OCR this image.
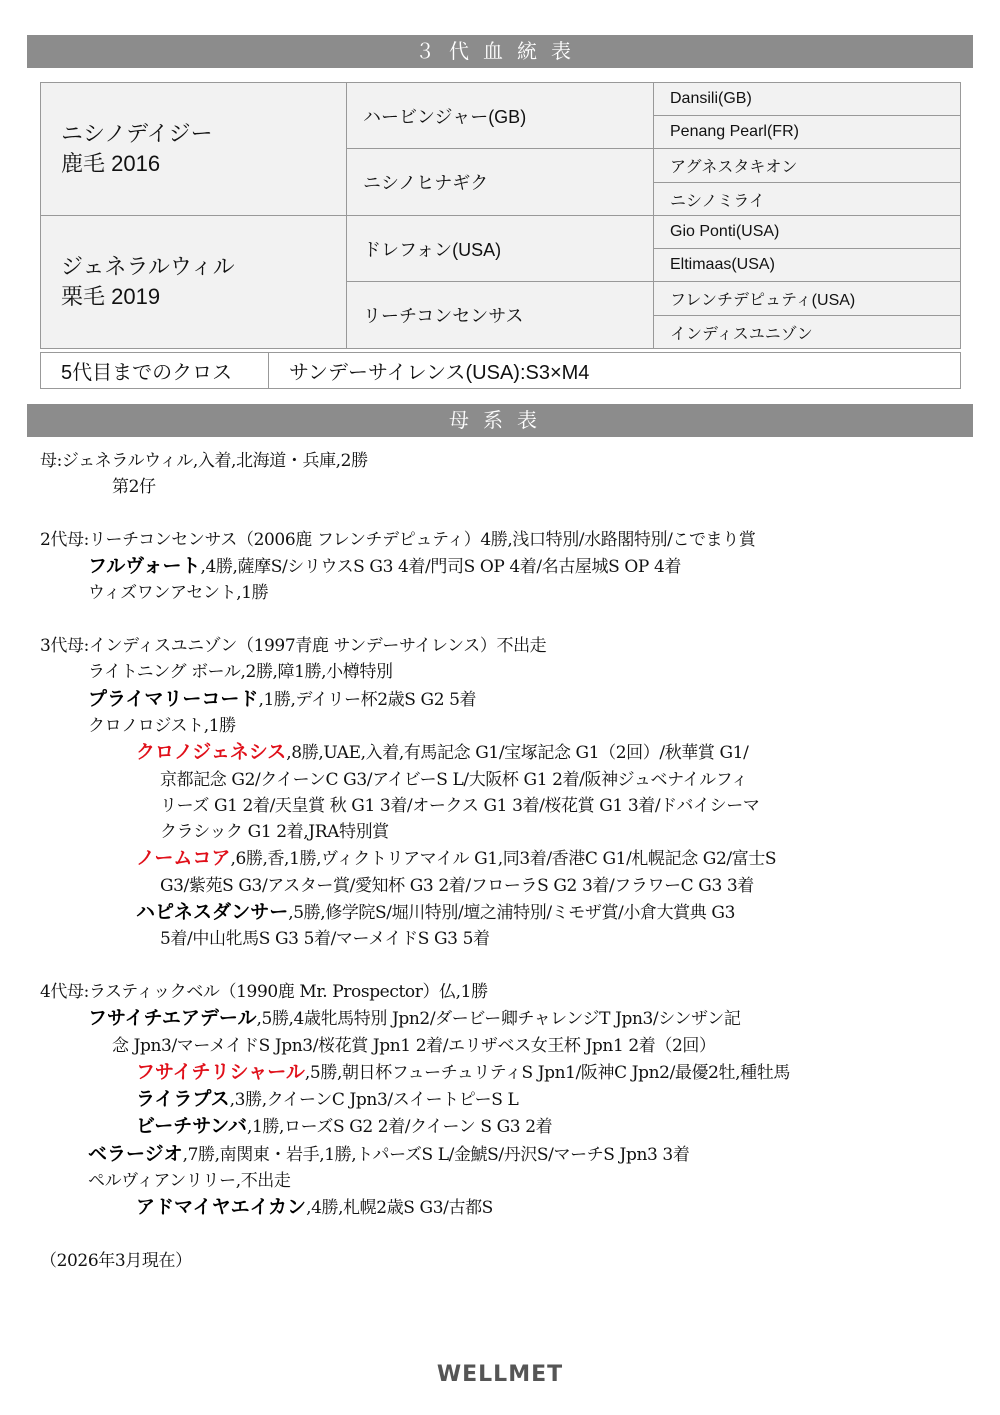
３代血統表
ニシノデイジー
鹿毛 2016	ハービンジャー(GB)	Dansili(GB)
		Penang Pearl(FR)
	ニシノヒナギク	アグネスタキオン
		ニシノミライ

ジェネラルウィル
栗毛 2019	ドレフォン(USA)	Gio Ponti(USA)
		Eltimaas(USA)
	リーチコンセンサス	フレンチデピュティ(USA)
		インディスユニゾン
5代目までのクロス	サンデーサイレンス(USA):S3×M4
母系表
母:ジェネラルウィル,入着,北海道・兵庫,2勝
第2仔
2代母:リーチコンセンサス（2006鹿 フレンチデピュティ）4勝,浅口特別/水路閣特別/こでまり賞
フルヴォート,4勝,薩摩S/シリウスS G3 4着/門司S OP 4着/名古屋城S OP 4着
ウィズワンアセント,1勝
3代母:インディスユニゾン（1997青鹿 サンデーサイレンス）不出走
ライトニング ボール,2勝,障1勝,小樽特別
プライマリーコード,1勝,デイリー杯2歳S G2 5着
クロノロジスト,1勝
クロノジェネシス,8勝,UAE,入着,有馬記念 G1/宝塚記念 G1（2回）/秋華賞 G1/
京都記念 G2/クイーンC G3/アイビーS L/大阪杯 G1 2着/阪神ジュベナイルフィ
リーズ G1 2着/天皇賞 秋 G1 3着/オークス G1 3着/桜花賞 G1 3着/ドバイシーマ
クラシック G1 2着,JRA特別賞
ノームコア,6勝,香,1勝,ヴィクトリアマイル G1,同3着/香港C G1/札幌記念 G2/富士S
G3/紫苑S G3/アスター賞/愛知杯 G3 2着/フローラS G2 3着/フラワーC G3 3着
ハピネスダンサー,5勝,修学院S/堀川特別/壇之浦特別/ミモザ賞/小倉大賞典 G3
5着/中山牝馬S G3 5着/マーメイドS G3 5着
4代母:ラスティックベル（1990鹿 Mr. Prospector）仏,1勝
フサイチエアデール,5勝,4歳牝馬特別 Jpn2/ダービー卿チャレンジT Jpn3/シンザン記
念 Jpn3/マーメイドS Jpn3/桜花賞 Jpn1 2着/エリザベス女王杯 Jpn1 2着（2回）
フサイチリシャール,5勝,朝日杯フューチュリティS Jpn1/阪神C Jpn2/最優2牡,種牡馬
ライラプス,3勝,クイーンC Jpn3/スイートピーS L
ビーチサンバ,1勝,ローズS G2 2着/クイーン S G3 2着
ベラージオ,7勝,南関東・岩手,1勝,トパーズS L/金鯱S/丹沢S/マーチS Jpn3 3着
ペルヴィアンリリー,不出走
アドマイヤエイカン,4勝,札幌2歳S G3/古都S
（2026年3月現在）
WELLMET
